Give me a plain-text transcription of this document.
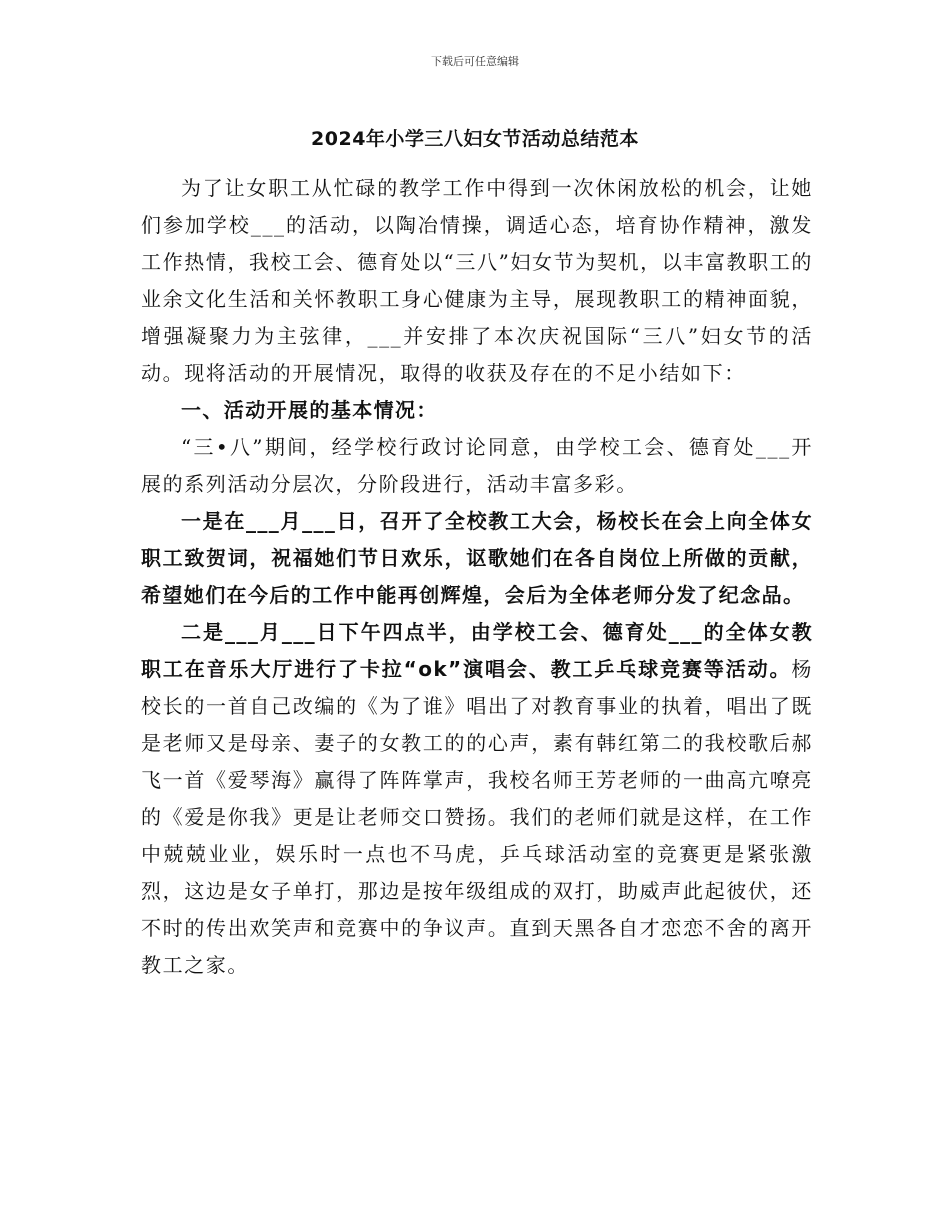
下载后可任意编辑
2024年小学三八妇女节活动总结范本

为了让女职工从忙碌的教学工作中得到一次休闲放松的机会，让她们参加学校___的活动，以陶冶情操，调适心态，培育协作精神，激发工作热情，我校工会、德育处以“三八”妇女节为契机，以丰富教职工的业余文化生活和关怀教职工身心健康为主导，展现教职工的精神面貌，增强凝聚力为主弦律，___并安排了本次庆祝国际“三八”妇女节的活动。现将活动的开展情况，取得的收获及存在的不足小结如下：

一、活动开展的基本情况：

“三•八”期间，经学校行政讨论同意，由学校工会、德育处___开展的系列活动分层次，分阶段进行，活动丰富多彩。

一是在___月___日，召开了全校教工大会，杨校长在会上向全体女职工致贺词，祝福她们节日欢乐，讴歌她们在各自岗位上所做的贡献，希望她们在今后的工作中能再创辉煌，会后为全体老师分发了纪念品。

二是___月___日下午四点半，由学校工会、德育处___的全体女教职工在音乐大厅进行了卡拉“ok”演唱会、教工乒乓球竞赛等活动。杨校长的一首自己改编的《为了谁》唱出了对教育事业的执着，唱出了既是老师又是母亲、妻子的女教工的的心声，素有韩红第二的我校歌后郝飞一首《爱琴海》赢得了阵阵掌声，我校名师王芳老师的一曲高亢嘹亮的《爱是你我》更是让老师交口赞扬。我们的老师们就是这样，在工作中兢兢业业，娱乐时一点也不马虎，乒乓球活动室的竞赛更是紧张激烈，这边是女子单打，那边是按年级组成的双打，助威声此起彼伏，还不时的传出欢笑声和竞赛中的争议声。直到天黑各自才恋恋不舍的离开教工之家。
